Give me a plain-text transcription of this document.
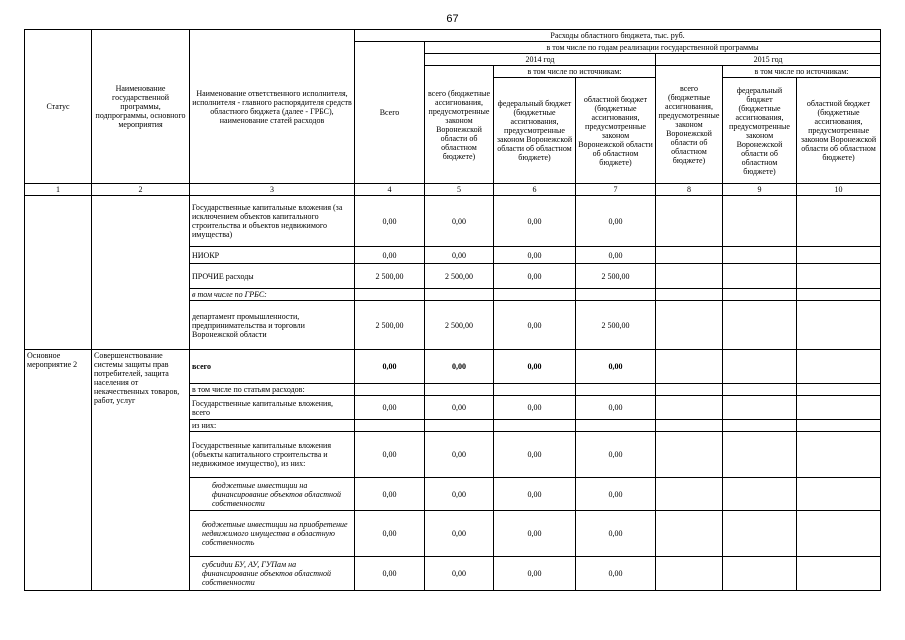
67
Статус	Наименование государственной программы, подпрограммы, основного мероприятия	Наименование ответственного исполнителя, исполнителя - главного распорядителя средств областного бюджета (далее - ГРБС), наименование статей расходов	Расходы областного бюджета, тыс. руб.						
			Всего	в том числе по годам реализации государственной программы					
				2014 год			2015 год		
				всего (бюджетные ассигнования, предусмотренные законом Воронежской области об областном бюджете)	в том числе по источникам:		всего (бюджетные ассигнования, предусмотренные законом Воронежской области об областном бюджете)	в том числе по источникам:	
					федеральный бюджет (бюджетные ассигнования, предусмотренные законом Воронежской области об областном бюджете)	областной бюджет (бюджетные ассигнования, предусмотренные законом Воронежской области об областном бюджете)		федеральный бюджет (бюджетные ассигнования, предусмотренные законом Воронежской области об областном бюджете)	областной бюджет (бюджетные ассигнования, предусмотренные законом Воронежской области об областном бюджете)
1	2	3	4	5	6	7	8	9	10
		Государственные капитальные вложения (за исключением объектов капитального строительства и объектов недвижимого имущества)	0,00	0,00	0,00	0,00			
		НИОКР	0,00	0,00	0,00	0,00			
		ПРОЧИЕ расходы	2 500,00	2 500,00	0,00	2 500,00			
		в том числе по ГРБС:							
		департамент промышленности, предпринимательства и торговли Воронежской области	2 500,00	2 500,00	0,00	2 500,00			
Основное мероприятие 2	Совершенствование системы защиты прав потребителей, защита населения от некачественных товаров, работ, услуг	всего	0,00	0,00	0,00	0,00			
		в том числе по статьям расходов:							
		Государственные капитальные вложения, всего	0,00	0,00	0,00	0,00			
		из них:							
		Государственные капитальные вложения (объекты капитального строительства и недвижимое имущество), из них:	0,00	0,00	0,00	0,00			
		бюджетные инвестиции на финансирование объектов областной собственности	0,00	0,00	0,00	0,00			
		бюджетные инвестиции на приобретение недвижимого имущества в областную собственность	0,00	0,00	0,00	0,00			
		субсидии БУ, АУ, ГУПам на финансирование объектов областной собственности	0,00	0,00	0,00	0,00			
